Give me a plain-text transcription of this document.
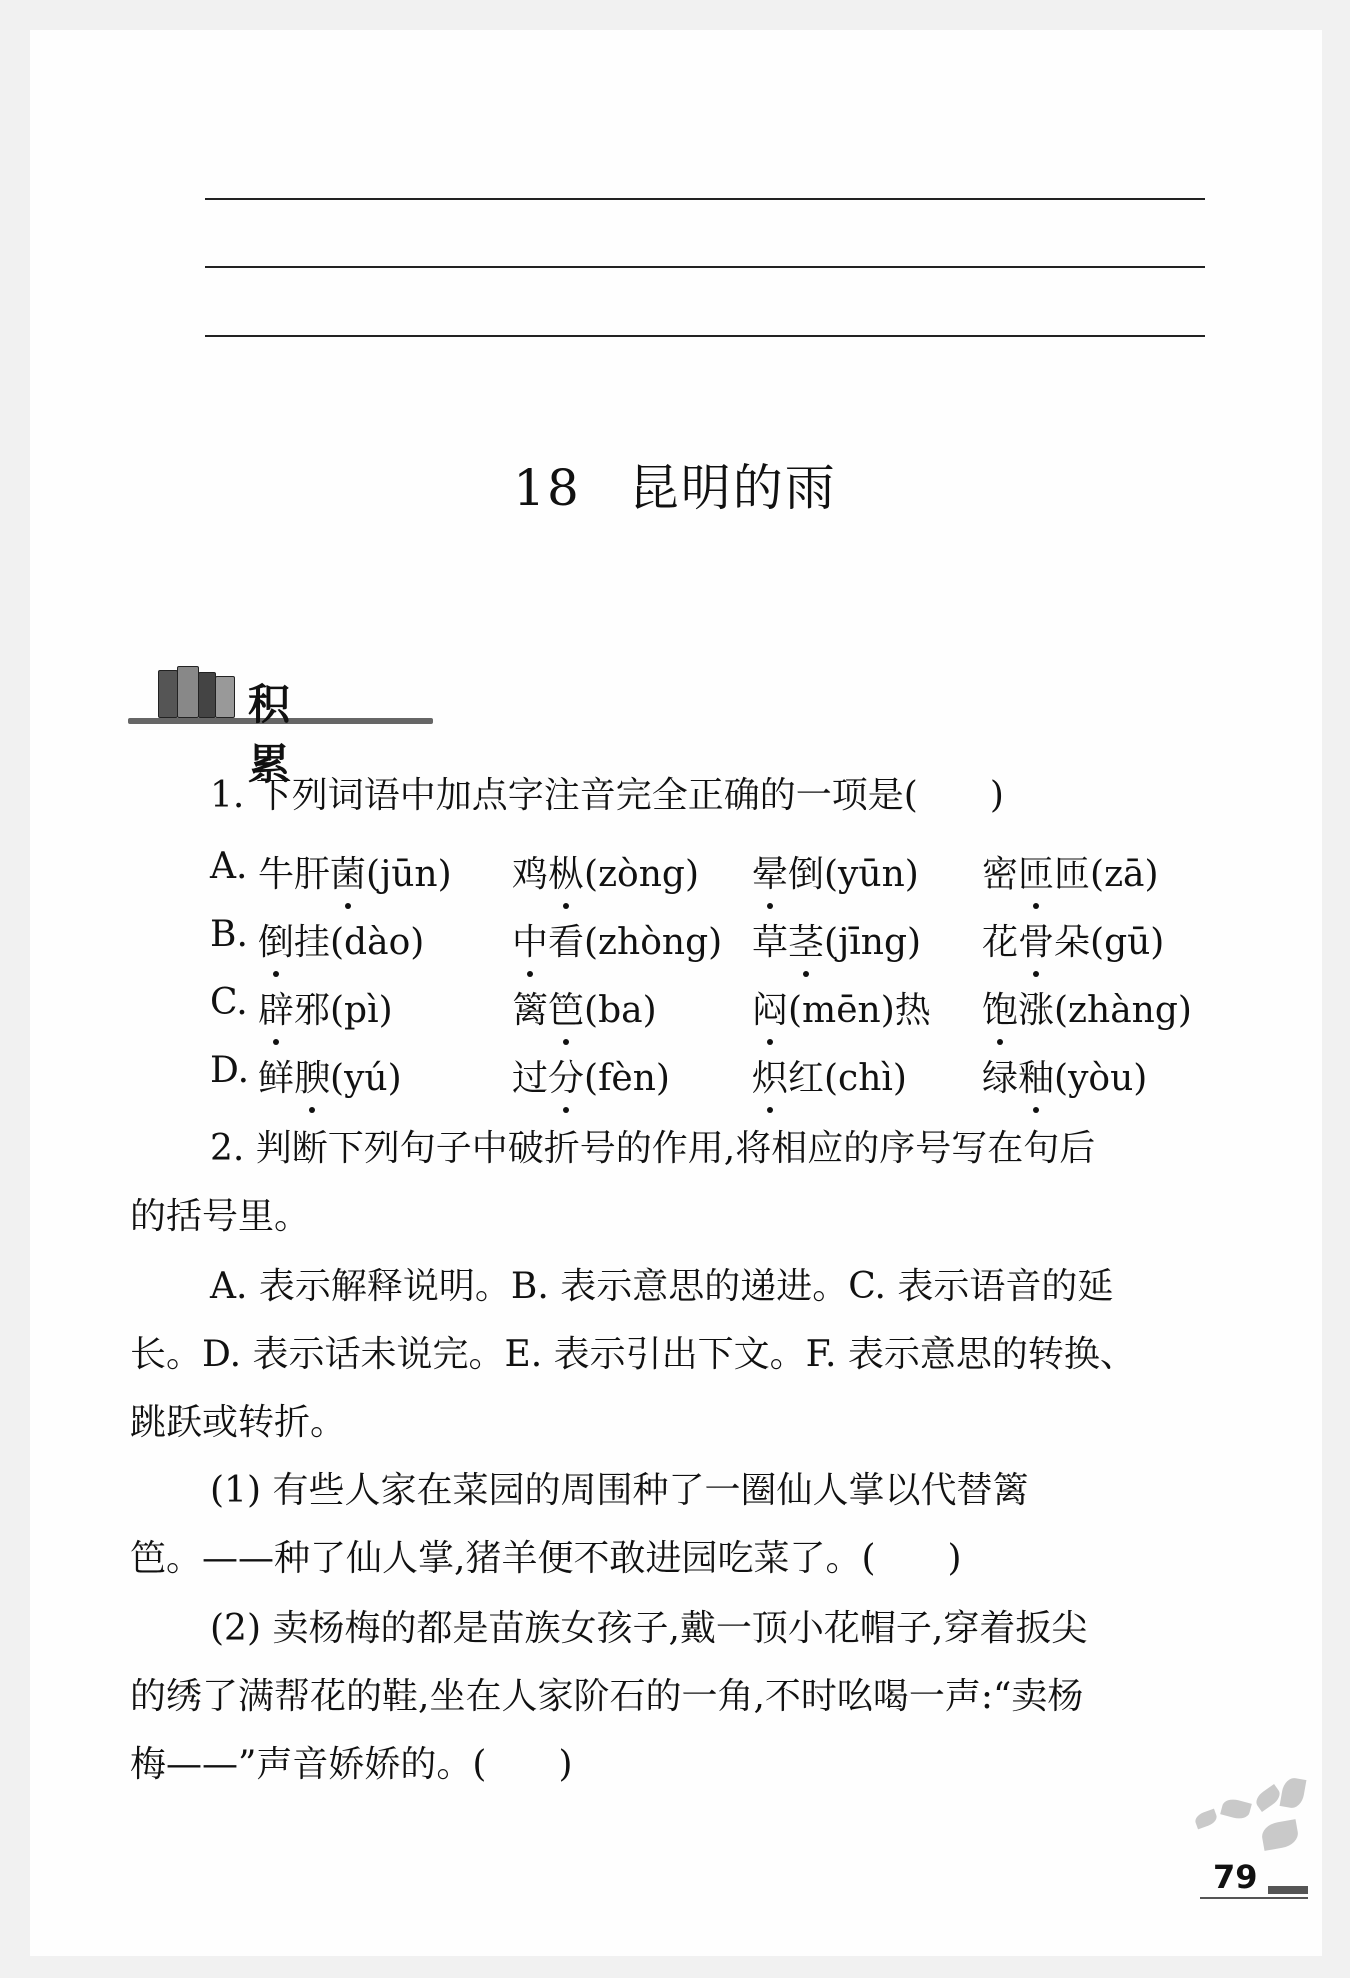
18 昆明的雨
积 累
1. 下列词语中加点字注音完全正确的一项是(　　)
A. 牛肝菌(jūn) 鸡枞(zòng) 晕倒(yūn) 密匝匝(zā)
B. 倒挂(dào) 中看(zhòng) 草茎(jīng) 花骨朵(gū)
C. 辟邪(pì)	篱笆(ba)	闷(mēn)热 饱涨(zhàng)
D. 鲜腴(yú)	过分(fèn) 炽红(chì) 绿釉(yòu)
2. 判断下列句子中破折号的作用,将相应的序号写在句后
的括号里。
A. 表示解释说明。B. 表示意思的递进。C. 表示语音的延
长。D. 表示话未说完。E. 表示引出下文。F. 表示意思的转换、
跳跃或转折。
(1) 有些人家在菜园的周围种了一圈仙人掌以代替篱
笆。——种了仙人掌,猪羊便不敢进园吃菜了。(　　)
(2) 卖杨梅的都是苗族女孩子,戴一顶小花帽子,穿着扳尖
的绣了满帮花的鞋,坐在人家阶石的一角,不时吆喝一声:“卖杨
梅——”声音娇娇的。(　　)
79
